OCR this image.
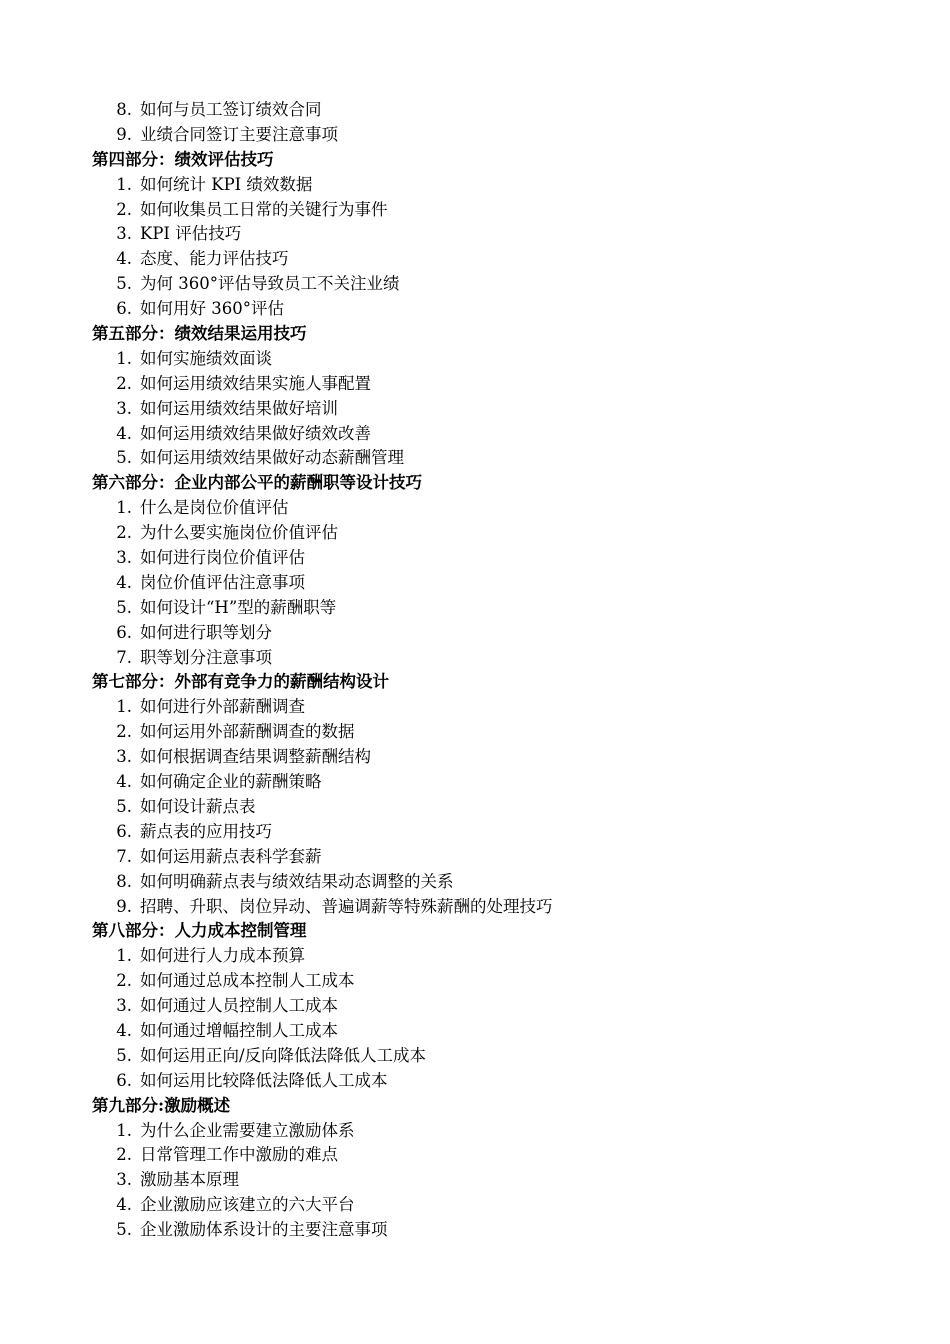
8. 如何与员工签订绩效合同
9. 业绩合同签订主要注意事项
第四部分：绩效评估技巧
1. 如何统计 KPI 绩效数据
2. 如何收集员工日常的关键行为事件
3. KPI 评估技巧
4. 态度、能力评估技巧
5. 为何 360°评估导致员工不关注业绩
6. 如何用好 360°评估
第五部分：绩效结果运用技巧
1. 如何实施绩效面谈
2. 如何运用绩效结果实施人事配置
3. 如何运用绩效结果做好培训
4. 如何运用绩效结果做好绩效改善
5. 如何运用绩效结果做好动态薪酬管理
第六部分：企业内部公平的薪酬职等设计技巧
1. 什么是岗位价值评估
2. 为什么要实施岗位价值评估
3. 如何进行岗位价值评估
4. 岗位价值评估注意事项
5. 如何设计“H”型的薪酬职等
6. 如何进行职等划分
7. 职等划分注意事项
第七部分：外部有竞争力的薪酬结构设计
1. 如何进行外部薪酬调查
2. 如何运用外部薪酬调查的数据
3. 如何根据调查结果调整薪酬结构
4. 如何确定企业的薪酬策略
5. 如何设计薪点表
6. 薪点表的应用技巧
7. 如何运用薪点表科学套薪
8. 如何明确薪点表与绩效结果动态调整的关系
9. 招聘、升职、岗位异动、普遍调薪等特殊薪酬的处理技巧
第八部分：人力成本控制管理
1. 如何进行人力成本预算
2. 如何通过总成本控制人工成本
3. 如何通过人员控制人工成本
4. 如何通过增幅控制人工成本
5. 如何运用正向/反向降低法降低人工成本
6. 如何运用比较降低法降低人工成本
第九部分:激励概述
1. 为什么企业需要建立激励体系
2. 日常管理工作中激励的难点
3. 激励基本原理
4. 企业激励应该建立的六大平台
5. 企业激励体系设计的主要注意事项
